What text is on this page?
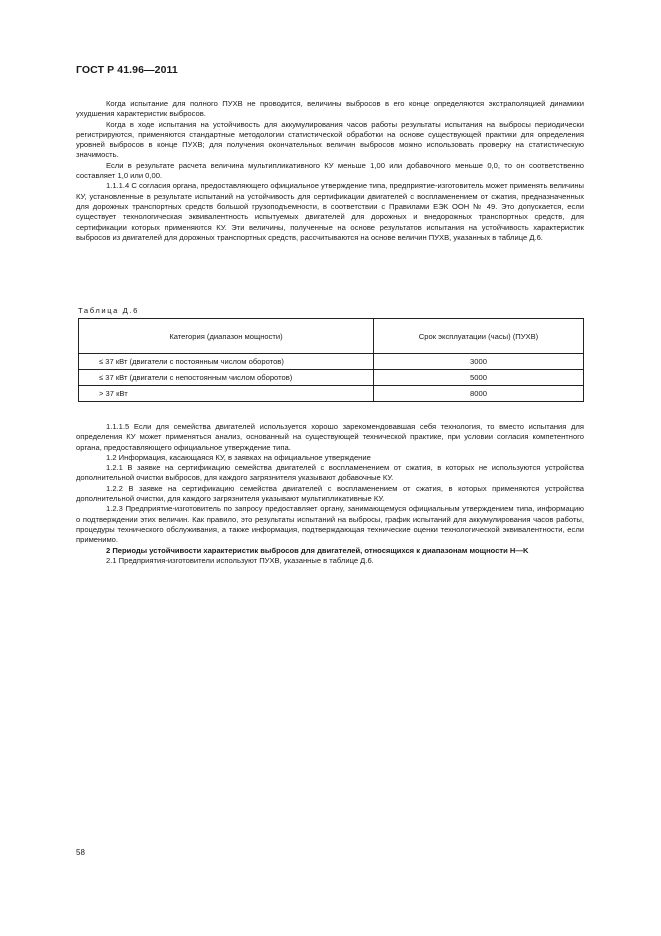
ГОСТ Р 41.96—2011

Когда испытание для полного ПУХВ не проводится, величины выбросов в его конце определяются экстраполяцией динамики ухудшения характеристик выбросов.

Когда в ходе испытания на устойчивость для аккумулирования часов работы результаты испытания на выбросы периодически регистрируются, применяются стандартные методологии статистической обработки на основе существующей практики для определения уровней выбросов в конце ПУХВ; для получения окончательных величин выбросов можно использовать проверку на статистическую значимость.

Если в результате расчета величина мультипликативного КУ меньше 1,00 или добавочного меньше 0,0, то он соответственно составляет 1,0 или 0,00.

1.1.1.4 С согласия органа, предоставляющего официальное утверждение типа, предприятие-изготовитель может применять величины КУ, установленные в результате испытаний на устойчивость для сертификации двигателей с воспламенением от сжатия, предназначенных для дорожных транспортных средств большой грузоподъемности, в соответствии с Правилами ЕЭК ООН № 49. Это допускается, если существует технологическая эквивалентность испытуемых двигателей для дорожных и внедорожных транспортных средств, для сертификации которых применяются КУ. Эти величины, полученные на основе результатов испытания на устойчивость характеристик выбросов из двигателей для дорожных транспортных средств, рассчитываются на основе величин ПУХВ, указанных в таблице Д.6.

Таблица Д.6
Категория (диапазон мощности)	Срок эксплуатации (часы) (ПУХВ)
≤ 37 кВт (двигатели с постоянным числом оборотов)	3000
≤ 37 кВт (двигатели с непостоянным числом оборотов)	5000
> 37 кВт	8000

1.1.1.5 Если для семейства двигателей используется хорошо зарекомендовавшая себя технология, то вместо испытания для определения КУ может применяться анализ, основанный на существующей технической практике, при условии согласия компетентного органа, предоставляющего официальное утверждение типа.

1.2 Информация, касающаяся КУ, в заявках на официальное утверждение

1.2.1 В заявке на сертификацию семейства двигателей с воспламенением от сжатия, в которых не используются устройства дополнительной очистки выбросов, для каждого загрязнителя указывают добавочные КУ.

1.2.2 В заявке на сертификацию семейства двигателей с воспламенением от сжатия, в которых применяются устройства дополнительной очистки, для каждого загрязнителя указывают мультипликативные КУ.

1.2.3 Предприятие-изготовитель по запросу предоставляет органу, занимающемуся официальным утверждением типа, информацию о подтверждении этих величин. Как правило, это результаты испытаний на выбросы, график испытаний для аккумулирования часов работы, процедуры технического обслуживания, а также информация, подтверждающая технические оценки технологической эквивалентности, если применимо.

2 Периоды устойчивости характеристик выбросов для двигателей, относящихся к диапазонам мощности H—K

2.1 Предприятия-изготовители используют ПУХВ, указанные в таблице Д.6.

58
